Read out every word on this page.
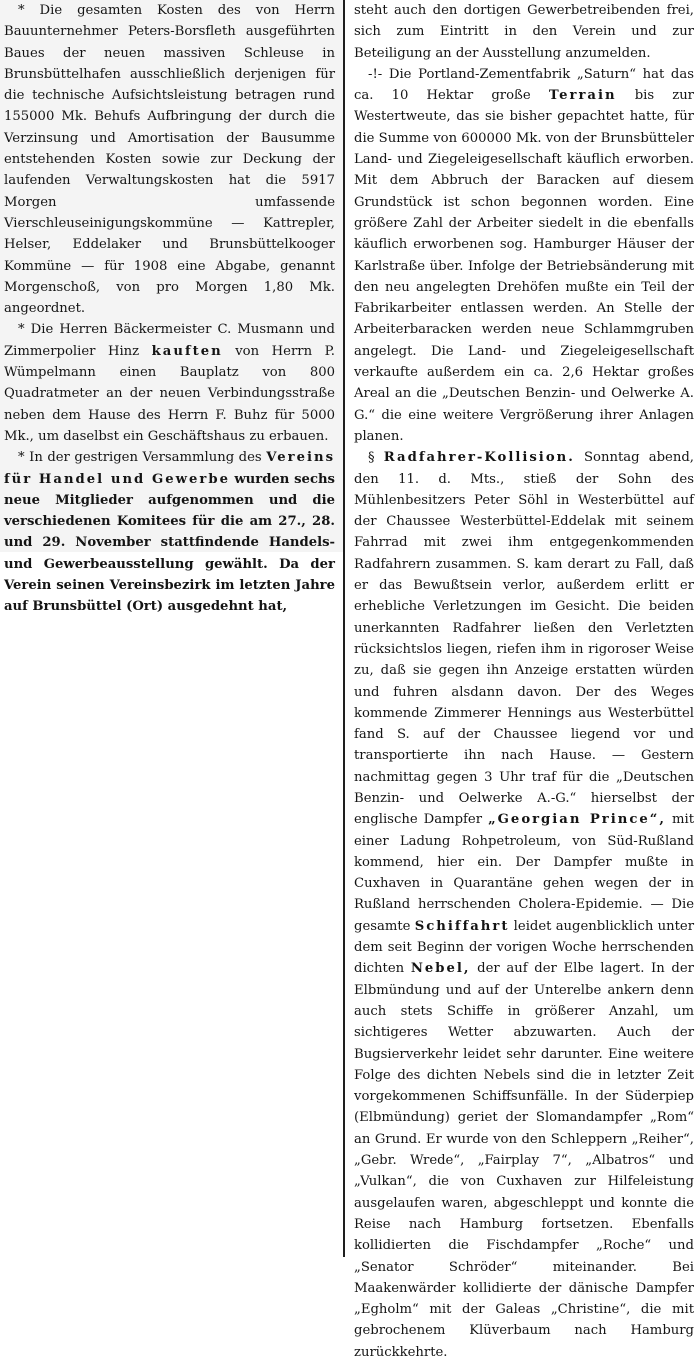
* Die gesamten Kosten des von Herrn Bauunternehmer Peters-Borsfleth ausgeführten Baues der neuen massiven Schleuse in Brunsbüttelhafen ausschließlich derjenigen für die technische Aufsichtsleistung betragen rund 155000 Mk. Behufs Aufbringung der durch die Verzinsung und Amortisation der Bausumme entstehenden Kosten sowie zur Deckung der laufenden Verwaltungskosten hat die 5917 Morgen umfassende Vierschleuseinigungskommüne — Kattrepler, Helser, Eddelaker und Brunsbüttelkooger Kommüne — für 1908 eine Abgabe, genannt Morgenschoß, von pro Morgen 1,80 Mk. angeordnet.

* Die Herren Bäckermeister C. Musmann und Zimmerpolier Hinz kauften von Herrn P. Wümpelmann einen Bauplatz von 800 Quadratmeter an der neuen Verbindungsstraße neben dem Hause des Herrn F. Buhz für 5000 Mk., um daselbst ein Geschäftshaus zu erbauen.

* In der gestrigen Versammlung des Vereins für Handel und Gewerbe wurden sechs neue Mitglieder aufgenommen und die verschiedenen Komitees für die am 27., 28. und 29. November stattfindende Handels- und Gewerbeausstellung gewählt. Da der Verein seinen Vereinsbezirk im letzten Jahre auf Brunsbüttel (Ort) ausgedehnt hat,

steht auch den dortigen Gewerbetreibenden frei, sich zum Eintritt in den Verein und zur Beteiligung an der Ausstellung anzumelden.

-!- Die Portland-Zementfabrik „Saturn“ hat das ca. 10 Hektar große Terrain bis zur Westertweute, das sie bisher gepachtet hatte, für die Summe von 600000 Mk. von der Brunsbütteler Land- und Ziegeleigesellschaft käuflich erworben. Mit dem Abbruch der Baracken auf diesem Grundstück ist schon begonnen worden. Eine größere Zahl der Arbeiter siedelt in die ebenfalls käuflich erworbenen sog. Hamburger Häuser der Karlstraße über. Infolge der Betriebsänderung mit den neu angelegten Drehöfen mußte ein Teil der Fabrikarbeiter entlassen werden. An Stelle der Arbeiterbaracken werden neue Schlammgruben angelegt. Die Land- und Ziegeleigesellschaft verkaufte außerdem ein ca. 2,6 Hektar großes Areal an die „Deutschen Benzin- und Oelwerke A. G.“ die eine weitere Vergrößerung ihrer Anlagen planen.

§ Radfahrer-Kollision. Sonntag abend, den 11. d. Mts., stieß der Sohn des Mühlenbesitzers Peter Söhl in Westerbüttel auf der Chaussee Westerbüttel-Eddelak mit seinem Fahrrad mit zwei ihm entgegenkommenden Radfahrern zusammen. S. kam derart zu Fall, daß er das Bewußtsein verlor, außerdem erlitt er erhebliche Verletzungen im Gesicht. Die beiden unerkannten Radfahrer ließen den Verletzten rücksichtslos liegen, riefen ihm in rigoroser Weise zu, daß sie gegen ihn Anzeige erstatten würden und fuhren alsdann davon. Der des Weges kommende Zimmerer Hennings aus Westerbüttel fand S. auf der Chaussee liegend vor und transportierte ihn nach Hause. — Gestern nachmittag gegen 3 Uhr traf für die „Deutschen Benzin- und Oelwerke A.-G.“ hierselbst der englische Dampfer „Georgian Prince“, mit einer Ladung Rohpetroleum, von Süd-Rußland kommend, hier ein. Der Dampfer mußte in Cuxhaven in Quarantäne gehen wegen der in Rußland herrschenden Cholera-Epidemie. — Die gesamte Schiffahrt leidet augenblicklich unter dem seit Beginn der vorigen Woche herrschenden dichten Nebel, der auf der Elbe lagert. In der Elbmündung und auf der Unterelbe ankern denn auch stets Schiffe in größerer Anzahl, um sichtigeres Wetter abzuwarten. Auch der Bugsierverkehr leidet sehr darunter. Eine weitere Folge des dichten Nebels sind die in letzter Zeit vorgekommenen Schiffsunfälle. In der Süderpiep (Elbmündung) geriet der Slomandampfer „Rom“ an Grund. Er wurde von den Schleppern „Reiher“, „Gebr. Wrede“, „Fairplay 7“, „Albatros“ und „Vulkan“, die von Cuxhaven zur Hilfeleistung ausgelaufen waren, abgeschleppt und konnte die Reise nach Hamburg fortsetzen. Ebenfalls kollidierten die Fischdampfer „Roche“ und „Senator Schröder“ miteinander. Bei Maakenwärder kollidierte der dänische Dampfer „Egholm“ mit der Galeas „Christine“, die mit gebrochenem Klüverbaum nach Hamburg zurückkehrte.
